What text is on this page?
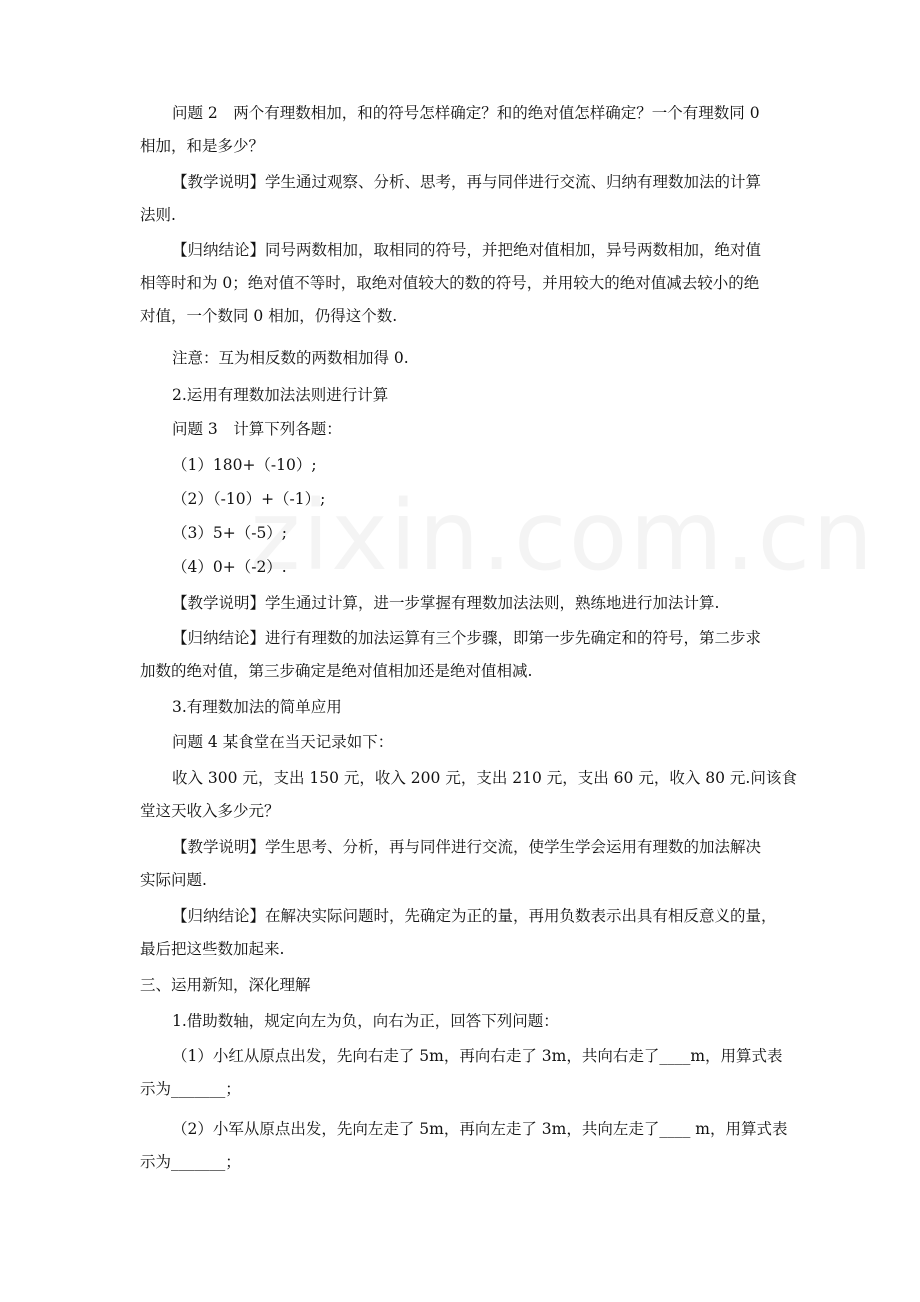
问题 2　两个有理数相加，和的符号怎样确定？和的绝对值怎样确定？一个有理数同 0
相加，和是多少？
【教学说明】学生通过观察、分析、思考，再与同伴进行交流、归纳有理数加法的计算
法则.
【归纳结论】同号两数相加，取相同的符号，并把绝对值相加，异号两数相加，绝对值
相等时和为 0；绝对值不等时，取绝对值较大的数的符号，并用较大的绝对值减去较小的绝
对值，一个数同 0 相加，仍得这个数.
注意：互为相反数的两数相加得 0.
2.运用有理数加法法则进行计算
问题 3　计算下列各题：
（1）180+（-10）;
（2）（-10）+（-1）;
（3）5+（-5）;
（4）0+（-2）.
【教学说明】学生通过计算，进一步掌握有理数加法法则，熟练地进行加法计算.
【归纳结论】进行有理数的加法运算有三个步骤，即第一步先确定和的符号，第二步求
加数的绝对值，第三步确定是绝对值相加还是绝对值相减.
3.有理数加法的简单应用
问题 4 某食堂在当天记录如下：
收入 300 元，支出 150 元，收入 200 元，支出 210 元，支出 60 元，收入 80 元.问该食
堂这天收入多少元？
【教学说明】学生思考、分析，再与同伴进行交流，使学生学会运用有理数的加法解决
实际问题.
【归纳结论】在解决实际问题时，先确定为正的量，再用负数表示出具有相反意义的量，
最后把这些数加起来.
三、运用新知，深化理解
1.借助数轴，规定向左为负，向右为正，回答下列问题：
（1）小红从原点出发，先向右走了 5m，再向右走了 3m，共向右走了____m，用算式表
示为_______；
（2）小军从原点出发，先向左走了 5m，再向左走了 3m，共向左走了____ m，用算式表
示为_______；
